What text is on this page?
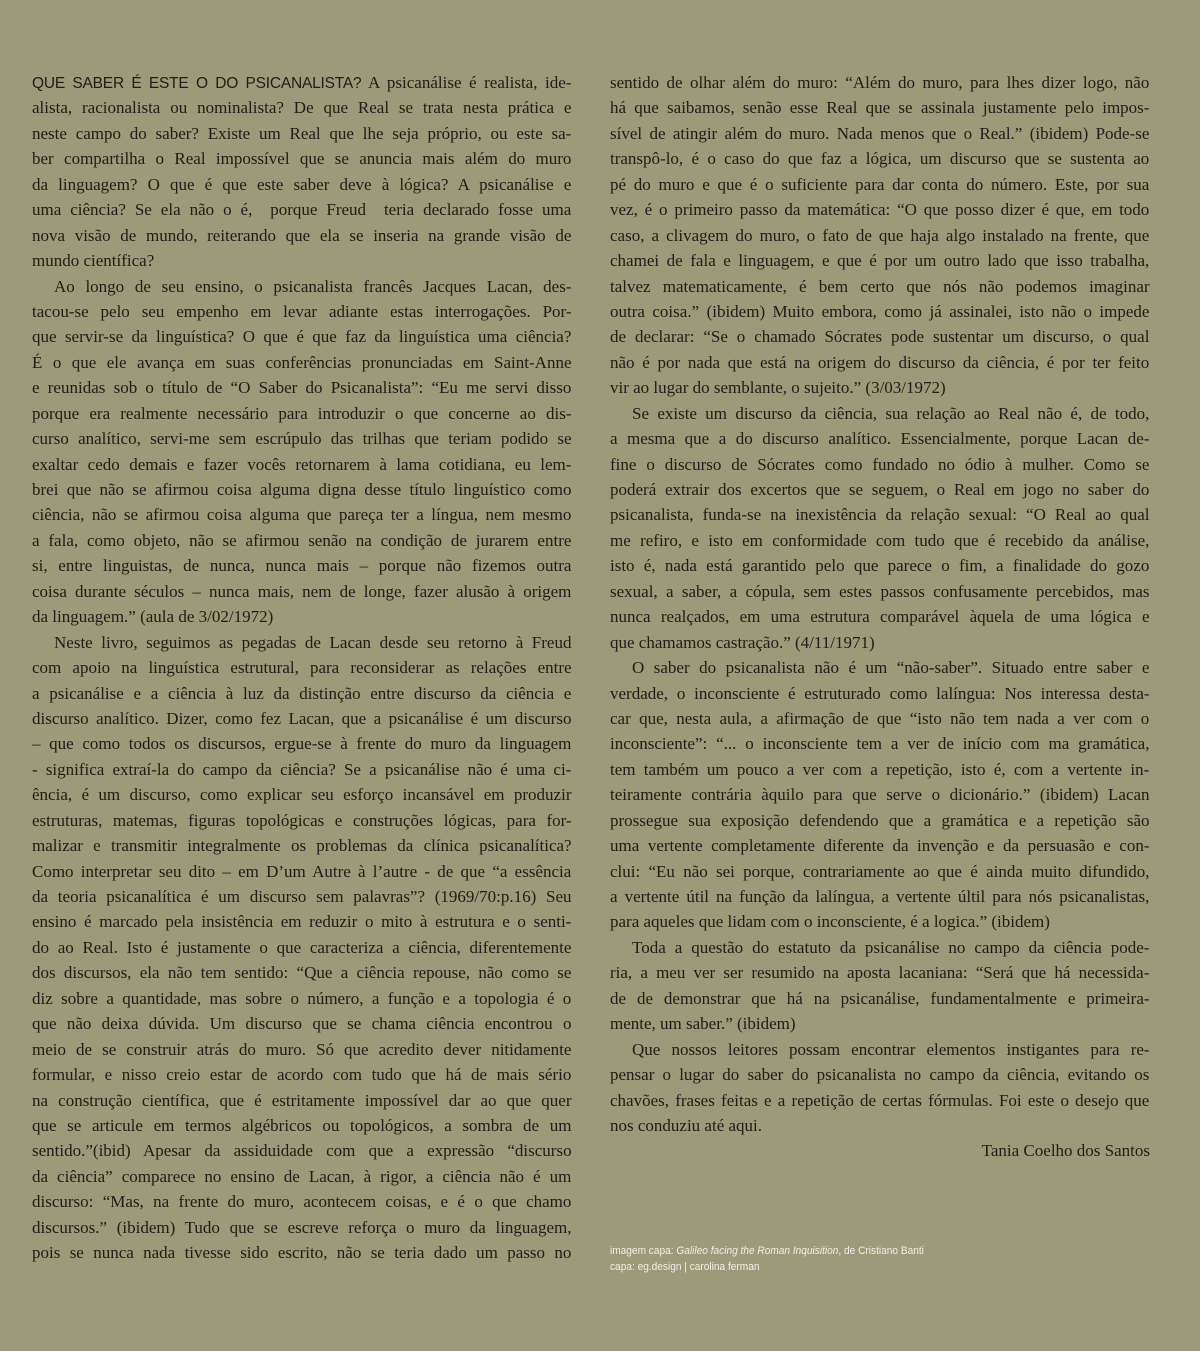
QUE SABER É ESTE O DO PSICANALISTA? A psicanálise é realista, ide-
alista, racionalista ou nominalista? De que Real se trata nesta prática e
neste campo do saber? Existe um Real que lhe seja próprio, ou este sa-
ber compartilha o Real impossível que se anuncia mais além do muro
da linguagem? O que é que este saber deve à lógica? A psicanálise e
uma ciência? Se ela não o é,  porque Freud  teria declarado fosse uma
nova visão de mundo, reiterando que ela se inseria na grande visão de
mundo científica?
Ao longo de seu ensino, o psicanalista francês Jacques Lacan, des-
tacou-se pelo seu empenho em levar adiante estas interrogações. Por-
que servir-se da linguística? O que é que faz da linguística uma ciência?
É o que ele avança em suas conferências pronunciadas em Saint-Anne
e reunidas sob o título de “O Saber do Psicanalista”: “Eu me servi disso
porque era realmente necessário para introduzir o que concerne ao dis-
curso analítico, servi-me sem escrúpulo das trilhas que teriam podido se
exaltar cedo demais e fazer vocês retornarem à lama cotidiana, eu lem-
brei que não se afirmou coisa alguma digna desse título linguístico como
ciência, não se afirmou coisa alguma que pareça ter a língua, nem mesmo
a fala, como objeto, não se afirmou senão na condição de jurarem entre
si, entre linguistas, de nunca, nunca mais – porque não fizemos outra
coisa durante séculos – nunca mais, nem de longe, fazer alusão à origem
da linguagem.” (aula de 3/02/1972)
Neste livro, seguimos as pegadas de Lacan desde seu retorno à Freud
com apoio na linguística estrutural, para reconsiderar as relações entre
a psicanálise e a ciência à luz da distinção entre discurso da ciência e
discurso analítico. Dizer, como fez Lacan, que a psicanálise é um discurso
– que como todos os discursos, ergue-se à frente do muro da linguagem
- significa extraí-la do campo da ciência? Se a psicanálise não é uma ci-
ência, é um discurso, como explicar seu esforço incansável em produzir
estruturas, matemas, figuras topológicas e construções lógicas, para for-
malizar e transmitir integralmente os problemas da clínica psicanalítica?
Como interpretar seu dito – em D’um Autre à l’autre - de que “a essência
da teoria psicanalítica é um discurso sem palavras”? (1969/70:p.16) Seu
ensino é marcado pela insistência em reduzir o mito à estrutura e o senti-
do ao Real. Isto é justamente o que caracteriza a ciência, diferentemente
dos discursos, ela não tem sentido: “Que a ciência repouse, não como se
diz sobre a quantidade, mas sobre o número, a função e a topologia é o
que não deixa dúvida. Um discurso que se chama ciência encontrou o
meio de se construir atrás do muro. Só que acredito dever nitidamente
formular, e nisso creio estar de acordo com tudo que há de mais sério
na construção científica, que é estritamente impossível dar ao que quer
que se articule em termos algébricos ou topológicos, a sombra de um
sentido.”(ibid) Apesar da assiduidade com que a expressão “discurso
da ciência” comparece no ensino de Lacan, à rigor, a ciência não é um
discurso: “Mas, na frente do muro, acontecem coisas, e é o que chamo
discursos.” (ibidem) Tudo que se escreve reforça o muro da linguagem,
pois se nunca nada tivesse sido escrito, não se teria dado um passo no
sentido de olhar além do muro: “Além do muro, para lhes dizer logo, não
há que saibamos, senão esse Real que se assinala justamente pelo impos-
sível de atingir além do muro. Nada menos que o Real.” (ibidem) Pode-se
transpô-lo, é o caso do que faz a lógica, um discurso que se sustenta ao
pé do muro e que é o suficiente para dar conta do número. Este, por sua
vez, é o primeiro passo da matemática: “O que posso dizer é que, em todo
caso, a clivagem do muro, o fato de que haja algo instalado na frente, que
chamei de fala e linguagem, e que é por um outro lado que isso trabalha,
talvez matematicamente, é bem certo que nós não podemos imaginar
outra coisa.” (ibidem) Muito embora, como já assinalei, isto não o impede
de declarar: “Se o chamado Sócrates pode sustentar um discurso, o qual
não é por nada que está na origem do discurso da ciência, é por ter feito
vir ao lugar do semblante, o sujeito.” (3/03/1972)
Se existe um discurso da ciência, sua relação ao Real não é, de todo,
a mesma que a do discurso analítico. Essencialmente, porque Lacan de-
fine o discurso de Sócrates como fundado no ódio à mulher. Como se
poderá extrair dos excertos que se seguem, o Real em jogo no saber do
psicanalista, funda-se na inexistência da relação sexual: “O Real ao qual
me refiro, e isto em conformidade com tudo que é recebido da análise,
isto é, nada está garantido pelo que parece o fim, a finalidade do gozo
sexual, a saber, a cópula, sem estes passos confusamente percebidos, mas
nunca realçados, em uma estrutura comparável àquela de uma lógica e
que chamamos castração.” (4/11/1971)
O saber do psicanalista não é um “não-saber”. Situado entre saber e
verdade, o inconsciente é estruturado como lalíngua: Nos interessa desta-
car que, nesta aula, a afirmação de que “isto não tem nada a ver com o
inconsciente”: “... o inconsciente tem a ver de início com ma gramática,
tem também um pouco a ver com a repetição, isto é, com a vertente in-
teiramente contrária àquilo para que serve o dicionário.” (ibidem) Lacan
prossegue sua exposição defendendo que a gramática e a repetição são
uma vertente completamente diferente da invenção e da persuasão e con-
clui: “Eu não sei porque, contrariamente ao que é ainda muito difundido,
a vertente útil na função da lalíngua, a vertente últil para nós psicanalistas,
para aqueles que lidam com o inconsciente, é a logica.” (ibidem)
Toda a questão do estatuto da psicanálise no campo da ciência pode-
ria, a meu ver ser resumido na aposta lacaniana: “Será que há necessida-
de de demonstrar que há na psicanálise, fundamentalmente e primeira-
mente, um saber.” (ibidem)
Que nossos leitores possam encontrar elementos instigantes para re-
pensar o lugar do saber do psicanalista no campo da ciência, evitando os
chavões, frases feitas e a repetição de certas fórmulas. Foi este o desejo que
nos conduziu até aqui.
Tania Coelho dos Santos
imagem capa: Galileo facing the Roman Inquisition, de Cristiano Banti
capa: eg.design | carolina ferman
